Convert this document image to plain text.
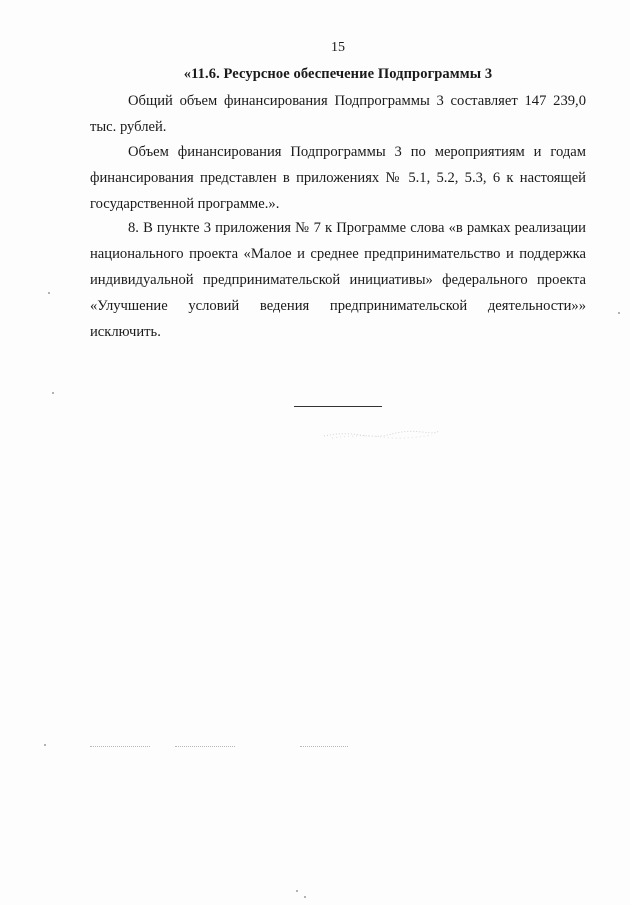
15
«11.6. Ресурсное обеспечение Подпрограммы 3

Общий объем финансирования Подпрограммы 3 составляет 147 239,0 тыс. рублей.

Объем финансирования Подпрограммы 3 по мероприятиям и годам финансирования представлен в приложениях № 5.1, 5.2, 5.3, 6 к настоящей государственной программе.».

8. В пункте 3 приложения № 7 к Программе слова «в рамках реализации национального проекта «Малое и среднее предпринимательство и поддержка индивидуальной предпринимательской инициативы» федерального проекта «Улучшение условий ведения предпринимательской деятельности»» исключить.
